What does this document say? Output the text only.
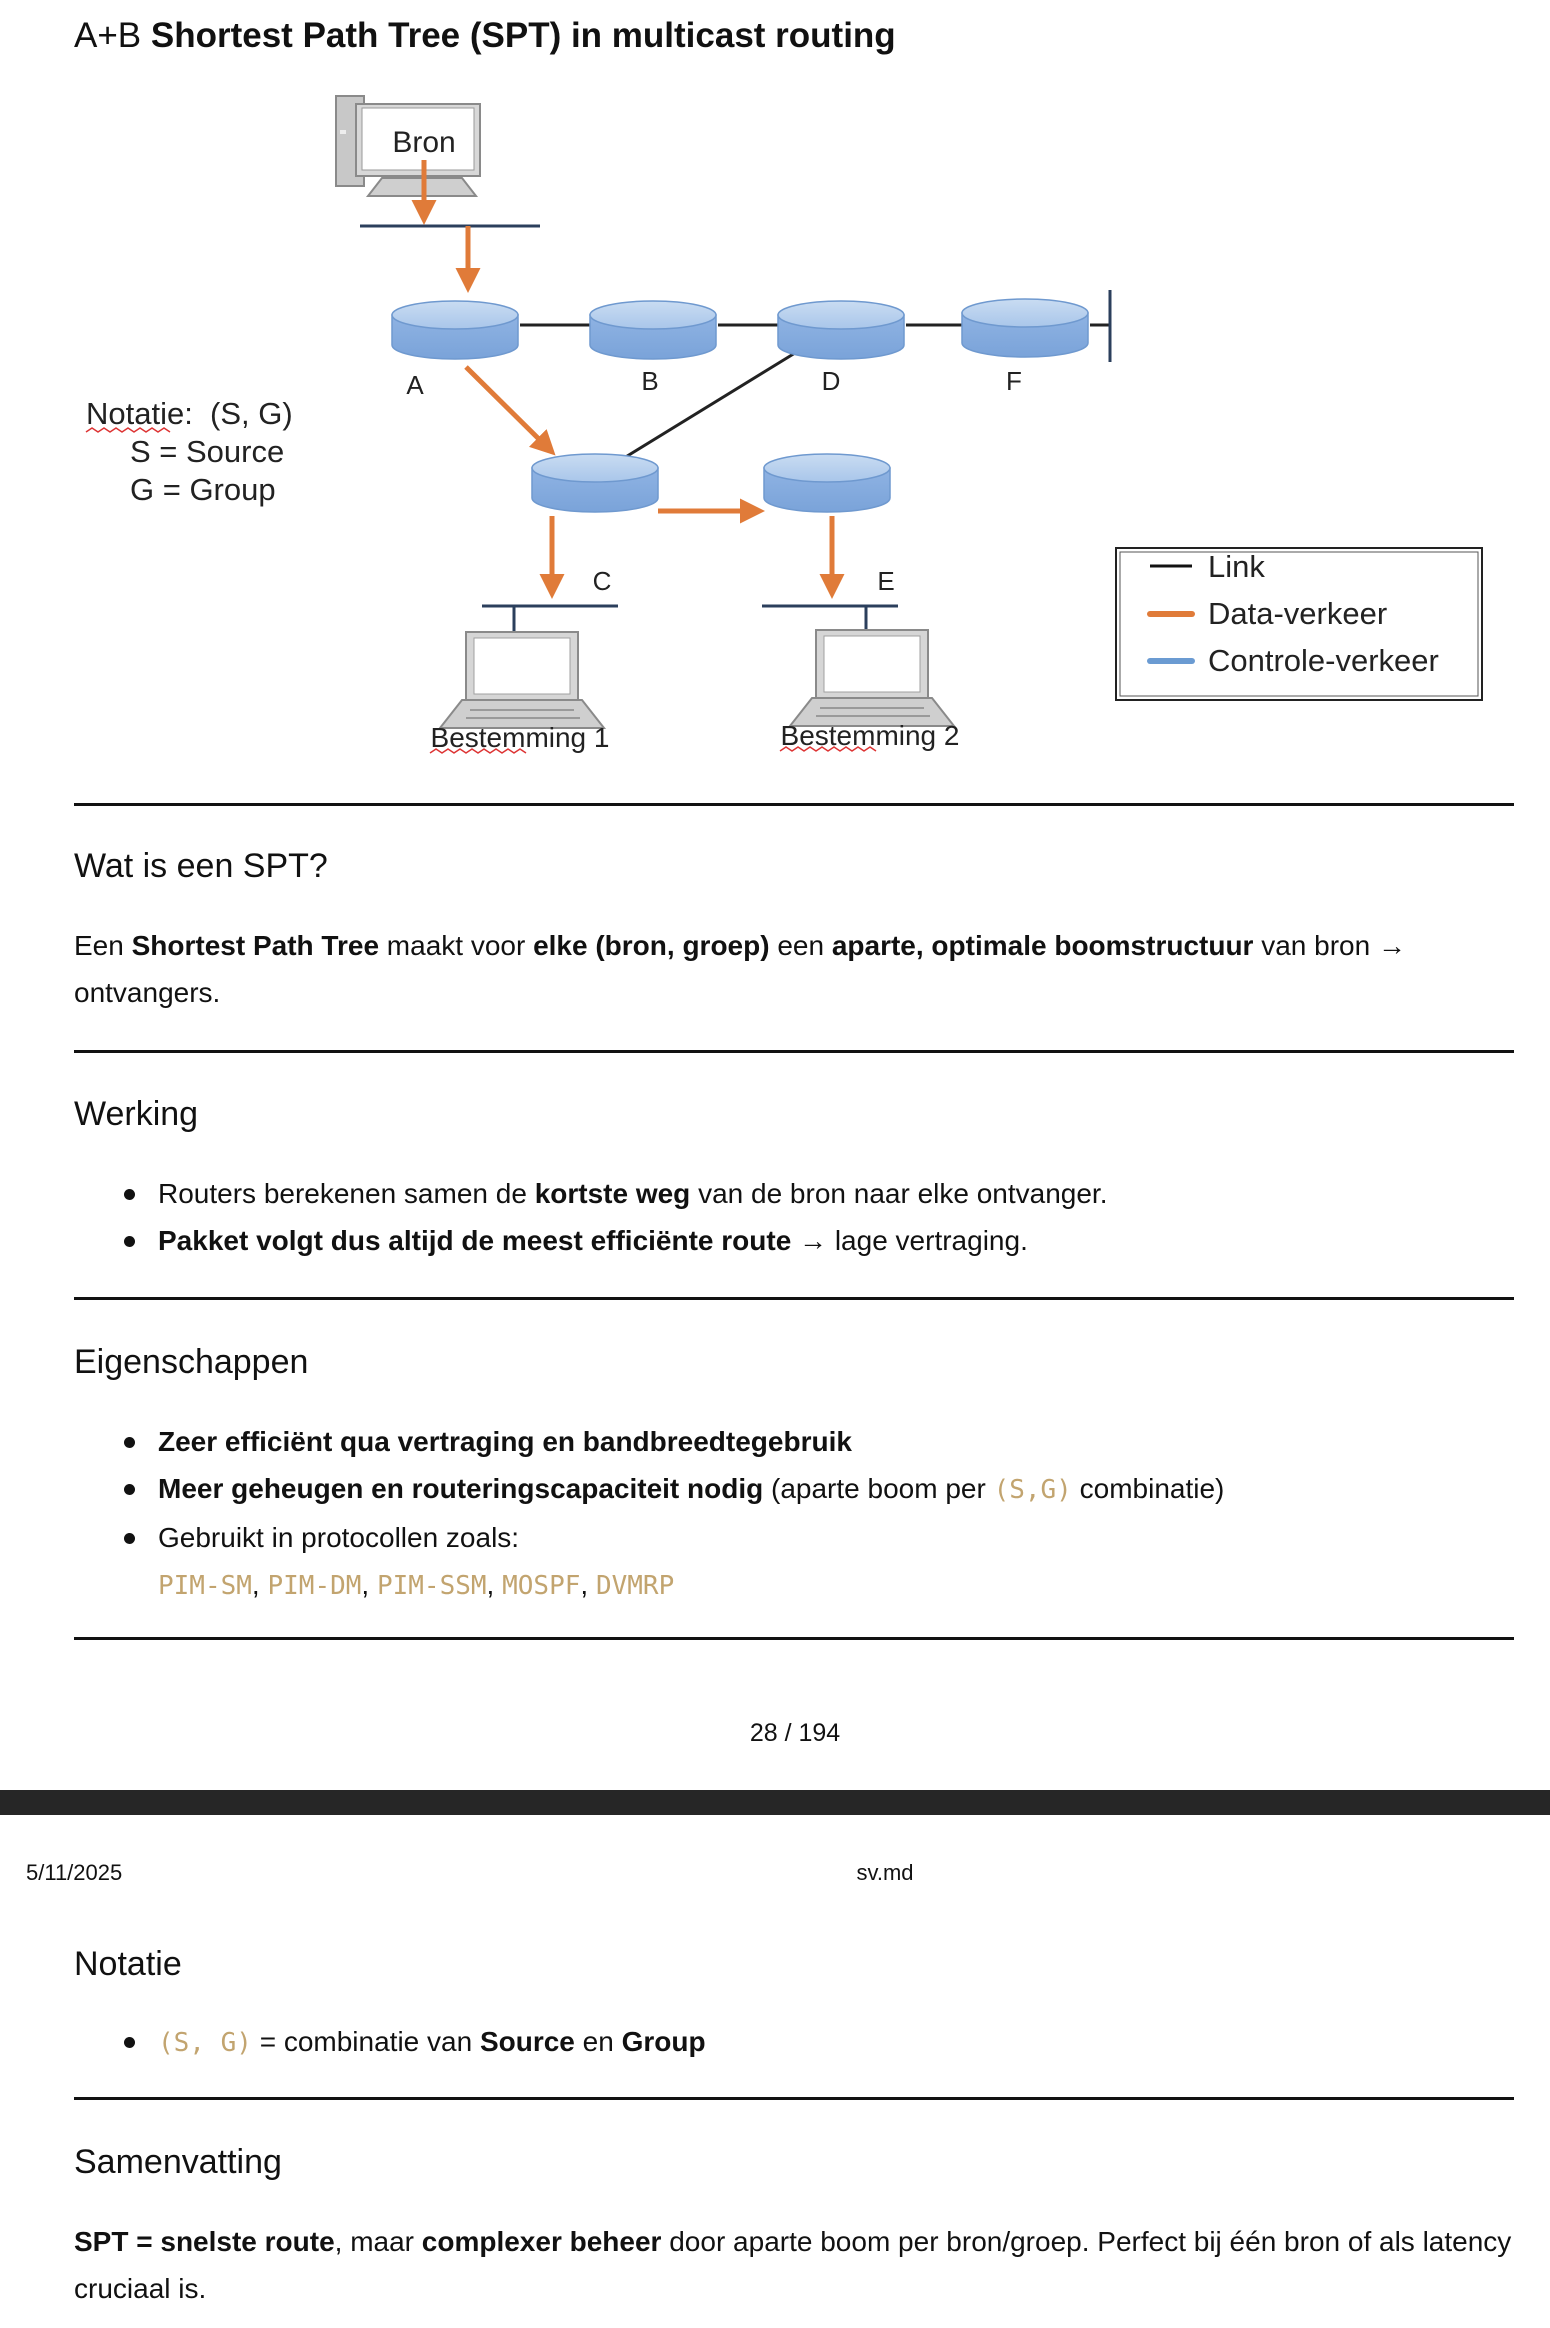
A+B Shortest Path Tree (SPT) in multicast routing
Bron
A	B	D	F
C	E
Bestemming 1	Bestemming 2
Notatie:  (S, G)
S = Source
G = Group
Link
Data-verkeer
Controle-verkeer
Wat is een SPT?

Een Shortest Path Tree maakt voor elke (bron, groep) een aparte, optimale boomstructuur van bron → ontvangers.

Werking
Routers berekenen samen de kortste weg van de bron naar elke ontvanger.
Pakket volgt dus altijd de meest efficiënte route → lage vertraging.
Eigenschappen
Zeer efficiënt qua vertraging en bandbreedtegebruik
Meer geheugen en routeringscapaciteit nodig (aparte boom per (S,G) combinatie)
Gebruikt in protocollen zoals:
PIM-SM, PIM-DM, PIM-SSM, MOSPF, DVMRP
28 / 194
5/11/2025	sv.md
Notatie
(S, G) = combinatie van Source en Group
Samenvatting

SPT = snelste route, maar complexer beheer door aparte boom per bron/groep. Perfect bij één bron of als latency cruciaal is.
